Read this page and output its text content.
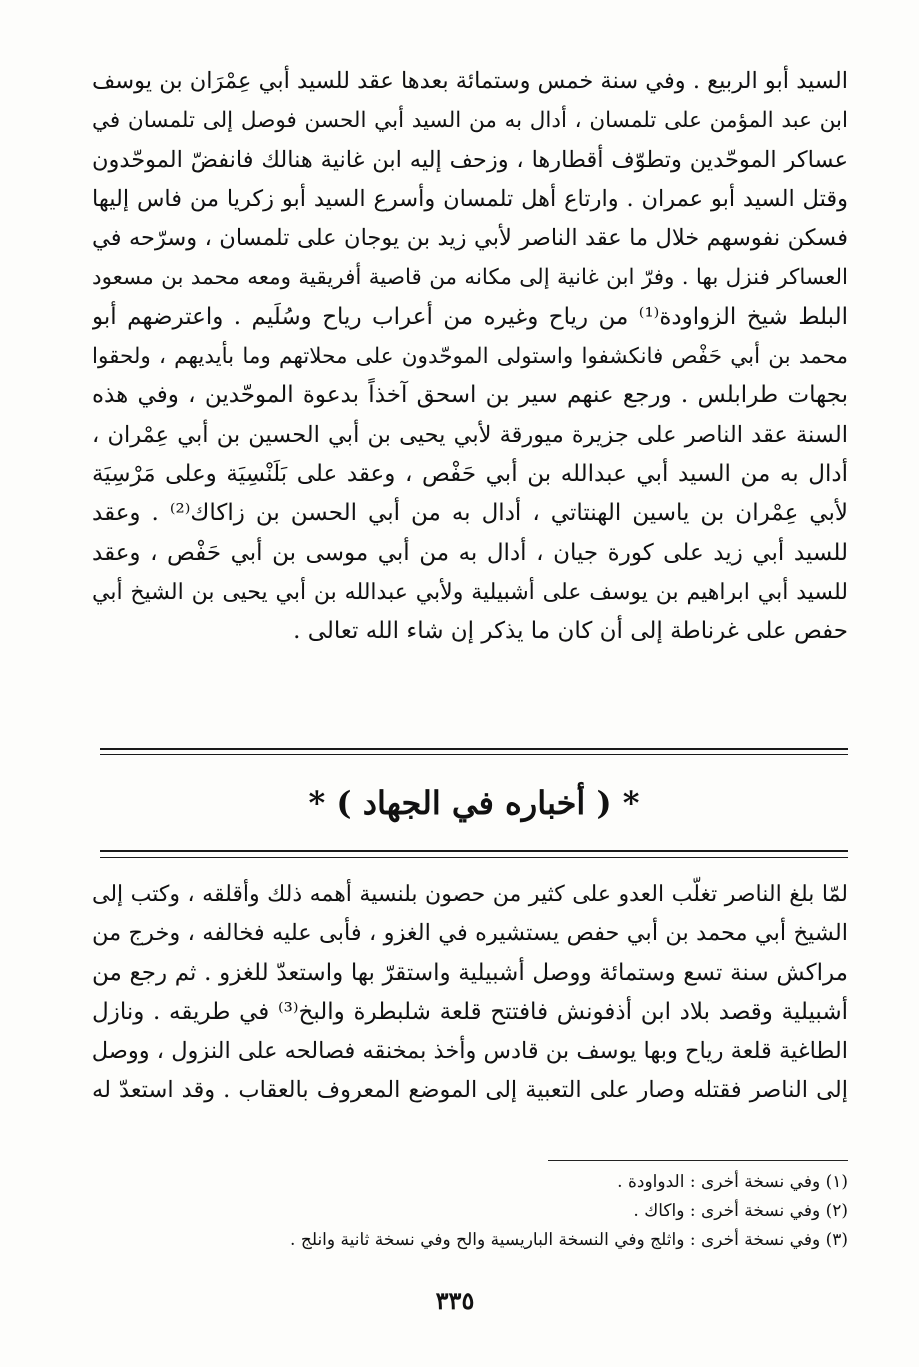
السيد أبو الربيع . وفي سنة خمس وستمائة بعدها عقد للسيد أبي عِمْرَان بن يوسف
ابن عبد المؤمن على تلمسان ، أدال به من السيد أبي الحسن فوصل إلى تلمسان في
عساكر الموحّدين وتطوّف أقطارها ، وزحف إليه ابن غانية هنالك فانفضّ الموحّدون
وقتل السيد أبو عمران . وارتاع أهل تلمسان وأسرع السيد أبو زكريا من فاس إليها
فسكن نفوسهم خلال ما عقد الناصر لأبي زيد بن يوجان على تلمسان ، وسرّحه في
العساكر فنزل بها . وفرّ ابن غانية إلى مكانه من قاصية أفريقية ومعه محمد بن مسعود
البلط شيخ الزواودة⁽¹⁾ من رياح وغيره من أعراب رياح وسُلَيم . واعترضهم أبو
محمد بن أبي حَفْص فانكشفوا واستولى الموحّدون على محلاتهم وما بأيديهم ، ولحقوا
بجهات طرابلس . ورجع عنهم سير بن اسحق آخذاً بدعوة الموحّدين ، وفي هذه
السنة عقد الناصر على جزيرة ميورقة لأبي يحيى بن أبي الحسين بن أبي عِمْران ،
أدال به من السيد أبي عبدالله بن أبي حَفْص ، وعقد على بَلَنْسِيَة وعلى مَرْسِيَة
لأبي عِمْران بن ياسين الهنتاتي ، أدال به من أبي الحسن بن زاكاك⁽²⁾ . وعقد
للسيد أبي زيد على كورة جيان ، أدال به من أبي موسى بن أبي حَفْص ، وعقد
للسيد أبي ابراهيم بن يوسف على أشبيلية ولأبي عبدالله بن أبي يحيى بن الشيخ أبي
حفص على غرناطة إلى أن كان ما يذكر إن شاء الله تعالى .
* ( أخباره في الجهاد ) *
لمّا بلغ الناصر تغلّب العدو على كثير من حصون بلنسية أهمه ذلك وأقلقه ، وكتب إلى
الشيخ أبي محمد بن أبي حفص يستشيره في الغزو ، فأبى عليه فخالفه ، وخرج من
مراكش سنة تسع وستمائة ووصل أشبيلية واستقرّ بها واستعدّ للغزو . ثم رجع من
أشبيلية وقصد بلاد ابن أذفونش فافتتح قلعة شلبطرة والبخ⁽³⁾ في طريقه . ونازل
الطاغية قلعة رياح وبها يوسف بن قادس وأخذ بمخنقه فصالحه على النزول ، ووصل
إلى الناصر فقتله وصار على التعبية إلى الموضع المعروف بالعقاب . وقد استعدّ له
(١) وفي نسخة أخرى : الدواودة .
(٢) وفي نسخة أخرى : واكاك .
(٣) وفي نسخة أخرى : واثلج وفي النسخة الباريسية والح وفي نسخة ثانية وانلج .
٣٣٥
